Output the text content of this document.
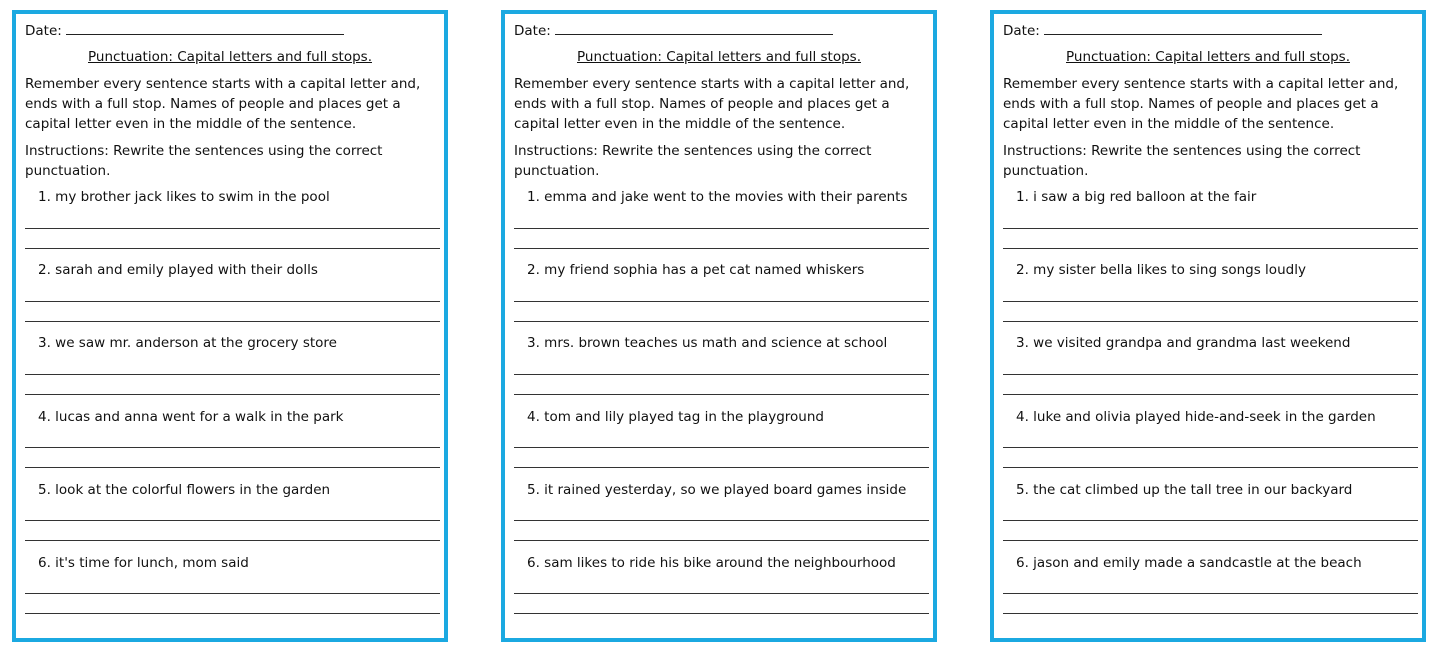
Date:
Punctuation: Capital letters and full stops.
Remember every sentence starts with a capital letter and, ends with a full stop. Names of people and places get a capital letter even in the middle of the sentence.
Instructions: Rewrite the sentences using the correct punctuation.
1. my brother jack likes to swim in the pool
2. sarah and emily played with their dolls
3. we saw mr. anderson at the grocery store
4. lucas and anna went for a walk in the park
5. look at the colorful flowers in the garden
6. it's time for lunch, mom said
Date:
Punctuation: Capital letters and full stops.
Remember every sentence starts with a capital letter and, ends with a full stop. Names of people and places get a capital letter even in the middle of the sentence.
Instructions: Rewrite the sentences using the correct punctuation.
1. emma and jake went to the movies with their parents
2. my friend sophia has a pet cat named whiskers
3. mrs. brown teaches us math and science at school
4. tom and lily played tag in the playground
5. it rained yesterday, so we played board games inside
6. sam likes to ride his bike around the neighbourhood
Date:
Punctuation: Capital letters and full stops.
Remember every sentence starts with a capital letter and, ends with a full stop. Names of people and places get a capital letter even in the middle of the sentence.
Instructions: Rewrite the sentences using the correct punctuation.
1. i saw a big red balloon at the fair
2. my sister bella likes to sing songs loudly
3. we visited grandpa and grandma last weekend
4. luke and olivia played hide-and-seek in the garden
5. the cat climbed up the tall tree in our backyard
6. jason and emily made a sandcastle at the beach
